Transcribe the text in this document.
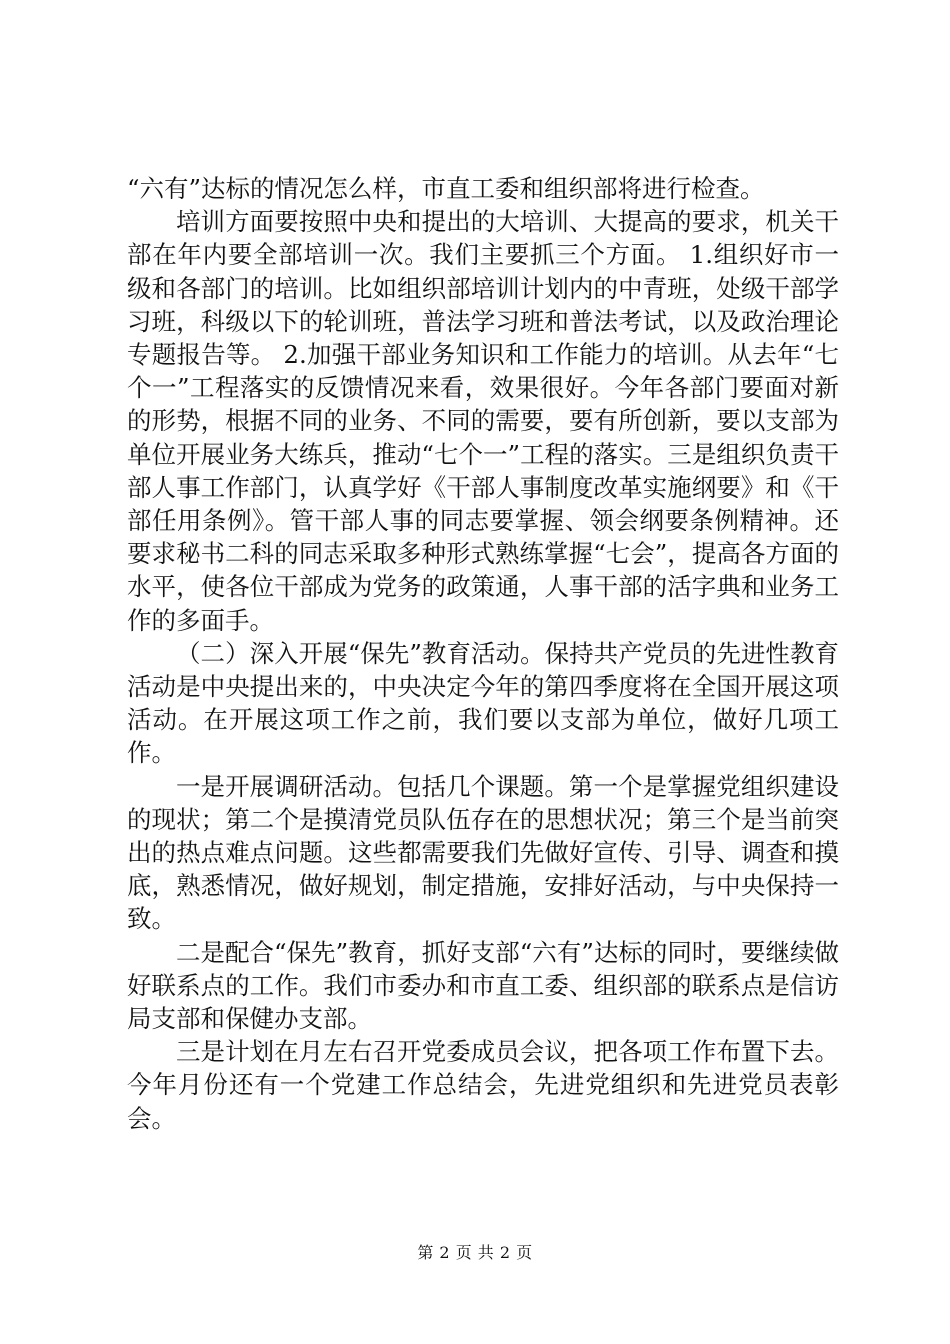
“六有”达标的情况怎么样，市直工委和组织部将进行检查。

培训方面要按照中央和提出的大培训、大提高的要求，机关干部在年内要全部培训一次。我们主要抓三个方面。 1.组织好市一级和各部门的培训。比如组织部培训计划内的中青班，处级干部学习班，科级以下的轮训班，普法学习班和普法考试，以及政治理论专题报告等。 2.加强干部业务知识和工作能力的培训。从去年“七个一”工程落实的反馈情况来看，效果很好。今年各部门要面对新的形势，根据不同的业务、不同的需要，要有所创新，要以支部为单位开展业务大练兵，推动“七个一”工程的落实。三是组织负责干部人事工作部门，认真学好《干部人事制度改革实施纲要》和《干部任用条例》。管干部人事的同志要掌握、领会纲要条例精神。还要求秘书二科的同志采取多种形式熟练掌握“七会”，提高各方面的水平，使各位干部成为党务的政策通，人事干部的活字典和业务工作的多面手。

（二）深入开展“保先”教育活动。保持共产党员的先进性教育活动是中央提出来的，中央决定今年的第四季度将在全国开展这项活动。在开展这项工作之前，我们要以支部为单位，做好几项工作。

一是开展调研活动。包括几个课题。第一个是掌握党组织建设的现状；第二个是摸清党员队伍存在的思想状况；第三个是当前突出的热点难点问题。这些都需要我们先做好宣传、引导、调查和摸底，熟悉情况，做好规划，制定措施，安排好活动，与中央保持一致。

二是配合“保先”教育，抓好支部“六有”达标的同时，要继续做好联系点的工作。我们市委办和市直工委、组织部的联系点是信访局支部和保健办支部。

三是计划在月左右召开党委成员会议，把各项工作布置下去。今年月份还有一个党建工作总结会，先进党组织和先进党员表彰会。

第 2 页 共 2 页
